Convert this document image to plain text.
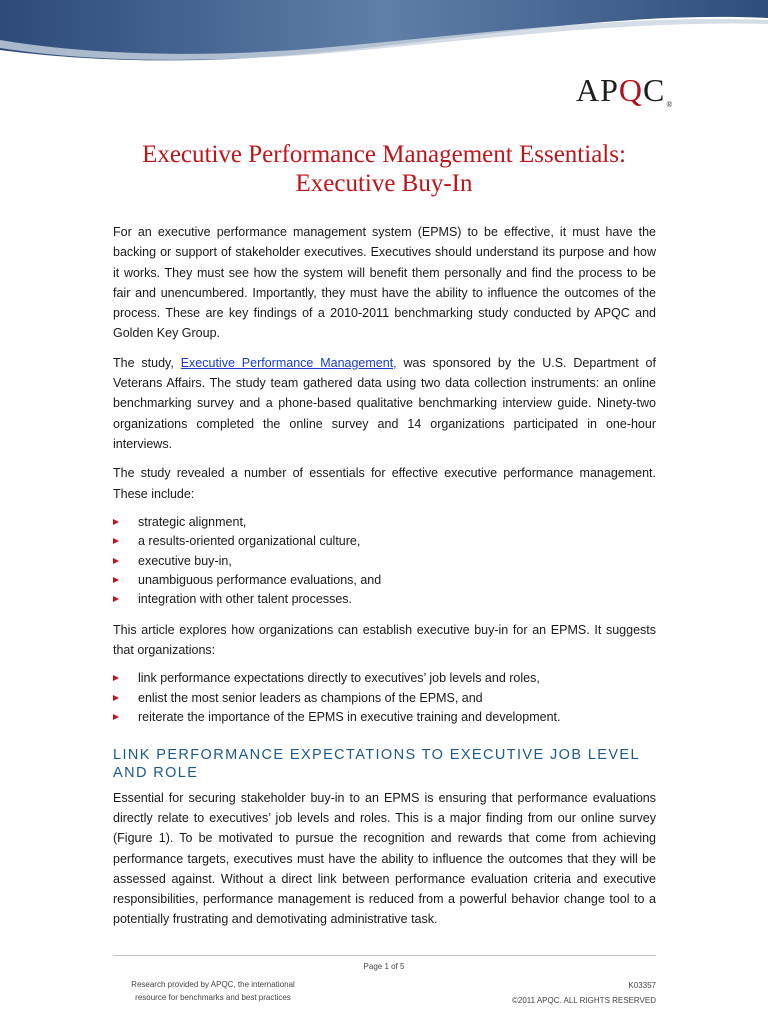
APQC®
Executive Performance Management Essentials:
Executive Buy-In

For an executive performance management system (EPMS) to be effective, it must have the backing or support of stakeholder executives. Executives should understand its purpose and how it works. They must see how the system will benefit them personally and find the process to be fair and unencumbered. Importantly, they must have the ability to influence the outcomes of the process. These are key findings of a 2010-2011 benchmarking study conducted by APQC and Golden Key Group.

The study, Executive Performance Management, was sponsored by the U.S. Department of Veterans Affairs. The study team gathered data using two data collection instruments: an online benchmarking survey and a phone-based qualitative benchmarking interview guide. Ninety-two organizations completed the online survey and 14 organizations participated in one-hour interviews.

The study revealed a number of essentials for effective executive performance management. These include:

strategic alignment,
a results-oriented organizational culture,
executive buy-in,
unambiguous performance evaluations, and
integration with other talent processes.

This article explores how organizations can establish executive buy-in for an EPMS. It suggests that organizations:

link performance expectations directly to executives’ job levels and roles,
enlist the most senior leaders as champions of the EPMS, and
reiterate the importance of the EPMS in executive training and development.
LINK PERFORMANCE EXPECTATIONS TO EXECUTIVE JOB LEVEL AND ROLE

Essential for securing stakeholder buy-in to an EPMS is ensuring that performance evaluations directly relate to executives’ job levels and roles. This is a major finding from our online survey (Figure 1). To be motivated to pursue the recognition and rewards that come from achieving performance targets, executives must have the ability to influence the outcomes that they will be assessed against. Without a direct link between performance evaluation criteria and executive responsibilities, performance management is reduced from a powerful behavior change tool to a potentially frustrating and demotivating administrative task.

Page 1 of 5
Research provided by APQC, the international
resource for benchmarks and best practices
K03357
©2011 APQC. ALL RIGHTS RESERVED
